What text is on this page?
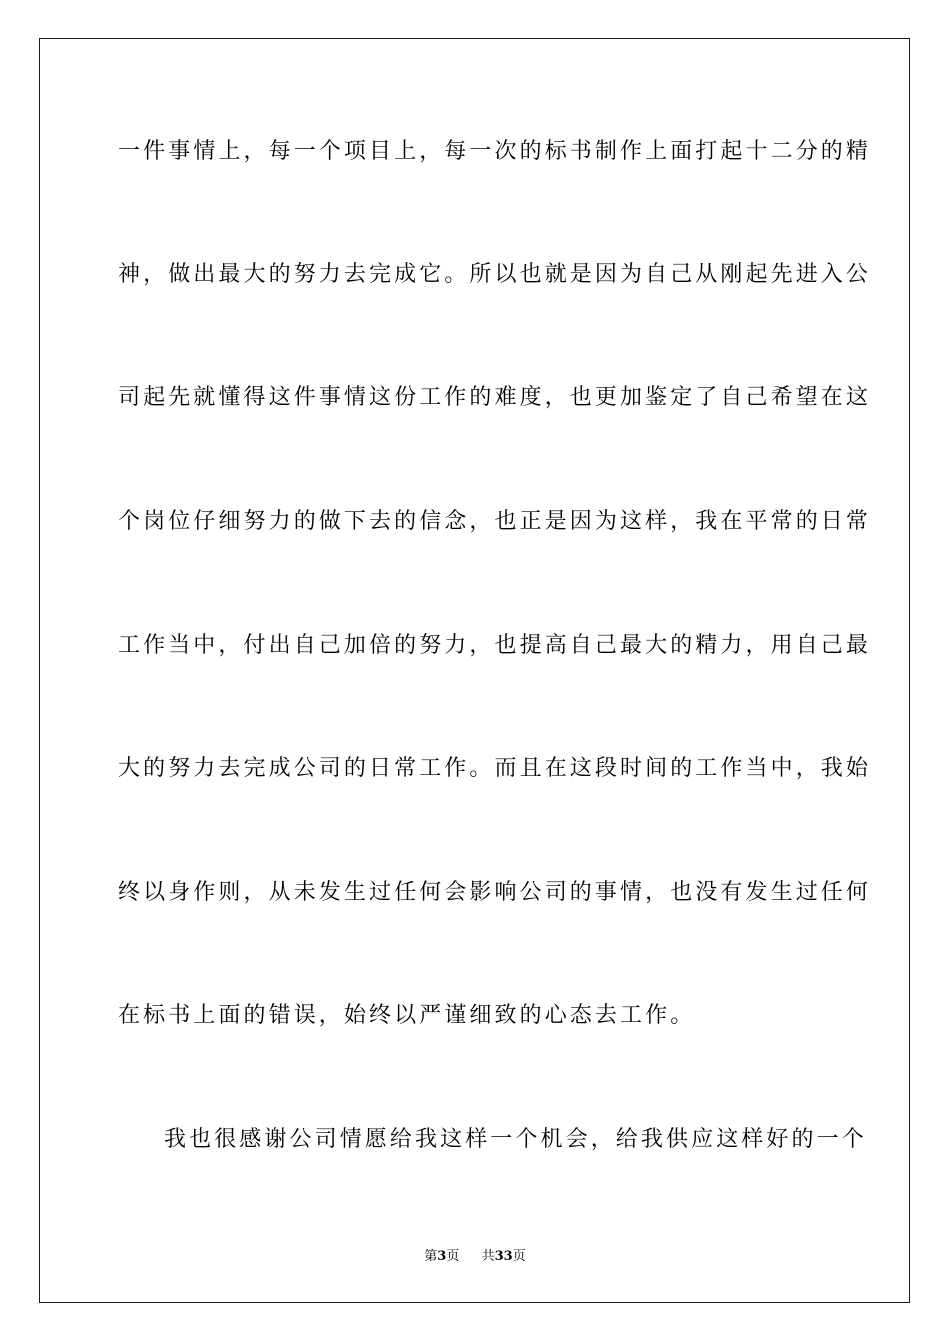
一件事情上，每一个项目上，每一次的标书制作上面打起十二分的精
神，做出最大的努力去完成它。所以也就是因为自己从刚起先进入公
司起先就懂得这件事情这份工作的难度，也更加鉴定了自己希望在这
个岗位仔细努力的做下去的信念，也正是因为这样，我在平常的日常
工作当中，付出自己加倍的努力，也提高自己最大的精力，用自己最
大的努力去完成公司的日常工作。而且在这段时间的工作当中，我始
终以身作则，从未发生过任何会影响公司的事情，也没有发生过任何
在标书上面的错误，始终以严谨细致的心态去工作。
我也很感谢公司情愿给我这样一个机会，给我供应这样好的一个
第3页 共33页
